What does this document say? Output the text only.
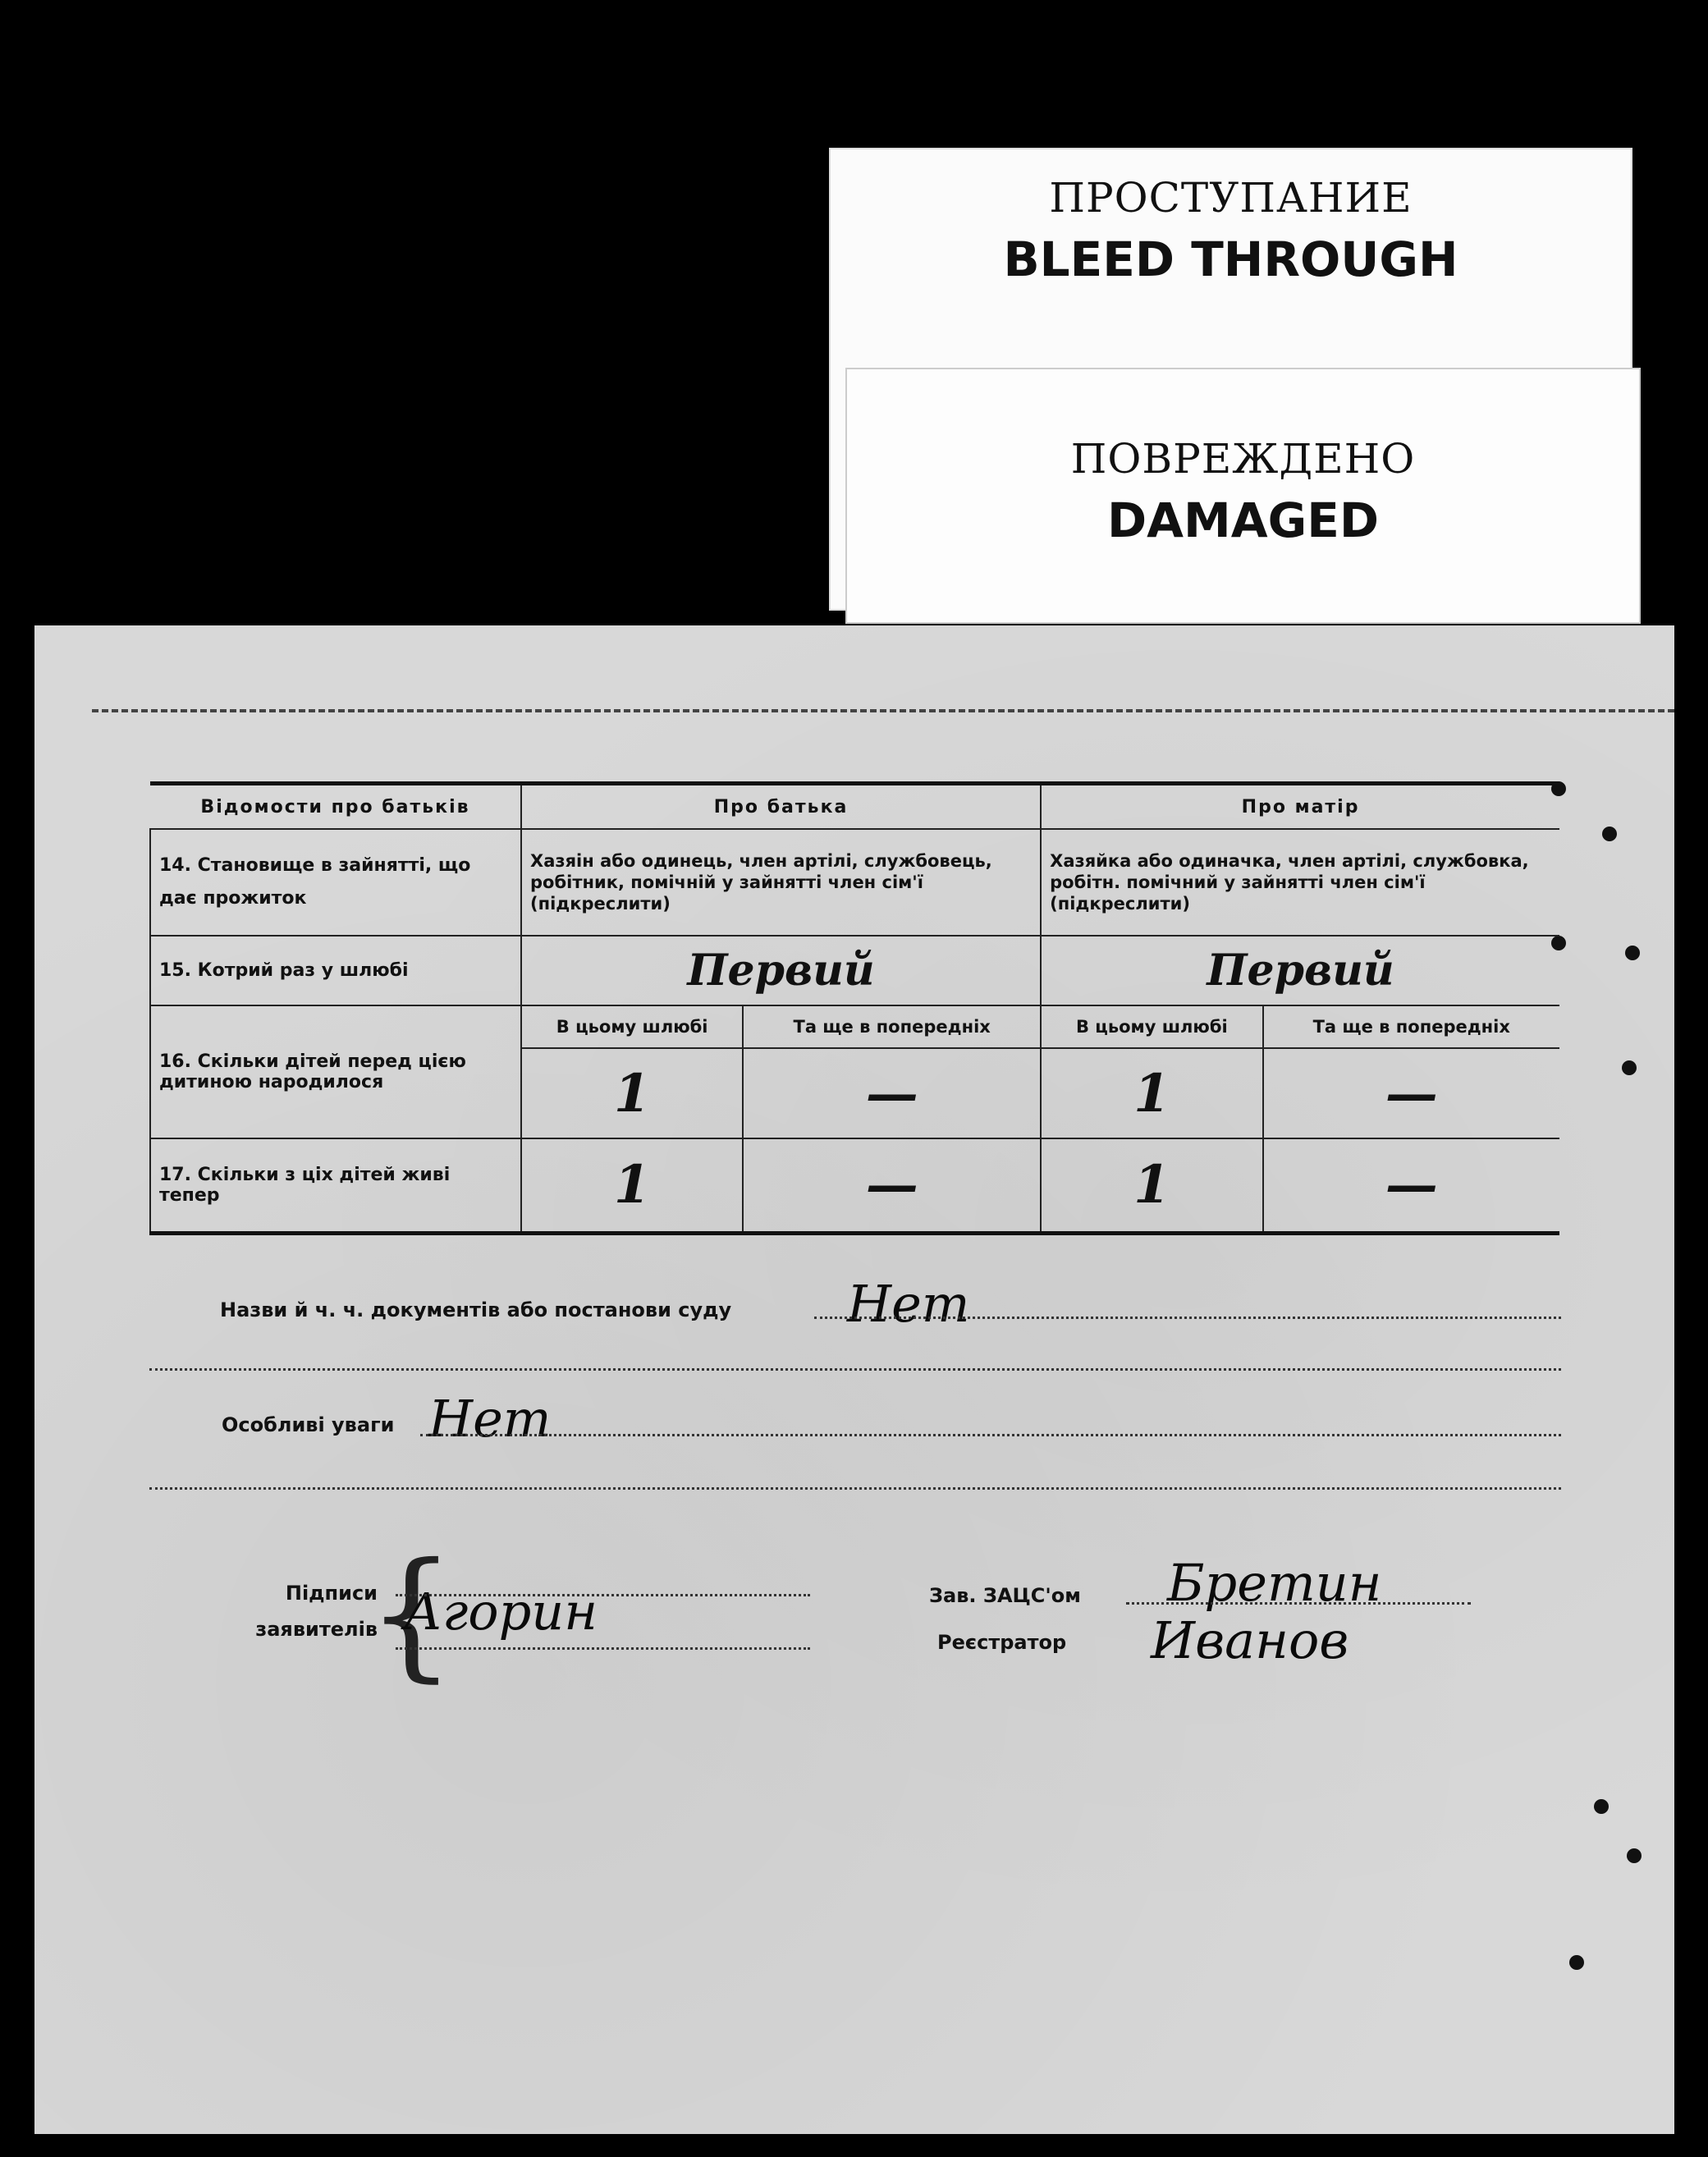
ПРОСТУПАНИЕ
BLEED THROUGH
ПОВРЕЖДЕНО
DAMAGED
Відомости про батьків	Про батька		Про матір	
14. Становище в зайнятті, що дає прожиток	Хазяін або одинець, член артілі, службовець, робітник, помічній у зайнятті член сім'ї (підкреслити)		Хазяйка або одиначка, член артілі, службовка, робітн. помічний у зайнятті член сім'ї (підкреслити)	
15. Котрий раз у шлюбі	Первий		Первий	
16. Скільки дітей перед цією дитиною народилося	В цьому шлюбі	Та ще в попередніх	В цьому шлюбі	Та ще в попередніх
	1	—	1	—
17. Скільки з ціх дітей живі тепер	1	—	1	—
Назви й ч. ч. документів або постанови суду Нет
Особливі уваги Нет
Підписи
заявителів
{
Агорин	Зав. ЗАЦС'ом Бретин
Реєстратор Иванов
